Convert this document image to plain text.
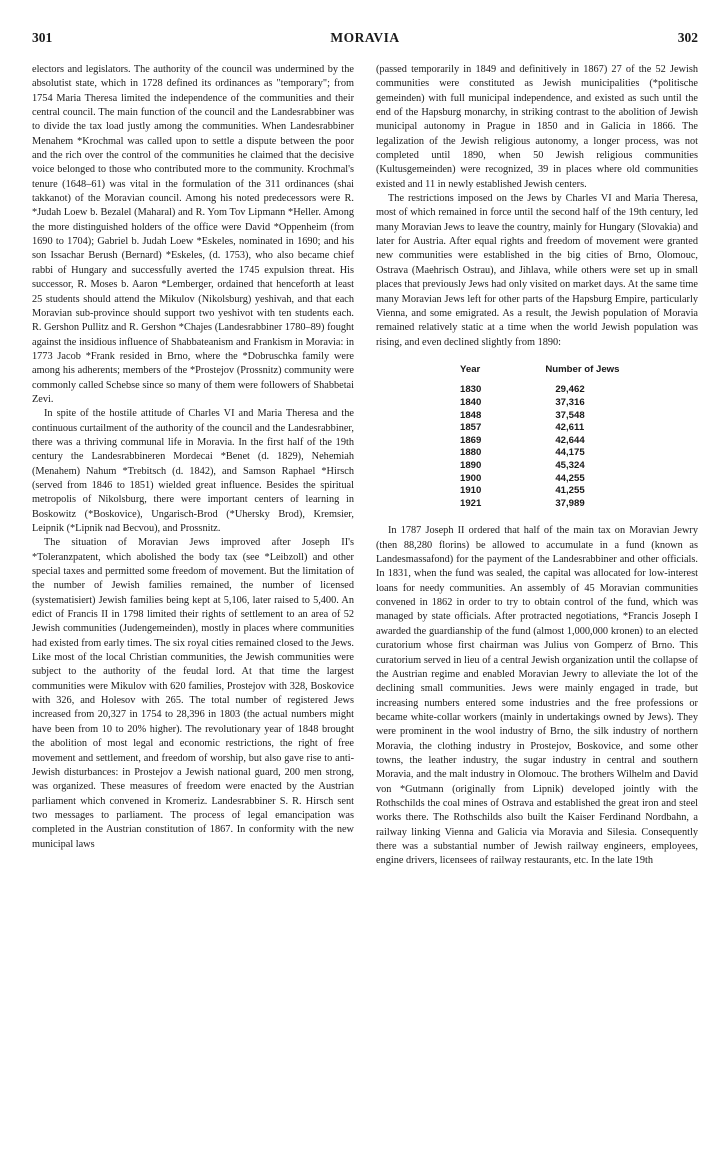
301	MORAVIA	302

electors and legislators. The authority of the council was undermined by the absolutist state, which in 1728 defined its ordinances as "temporary"; from 1754 Maria Theresa limited the independence of the communities and their central council. The main function of the council and the Landesrabbiner was to divide the tax load justly among the communities. When Landesrabbiner Menahem *Krochmal was called upon to settle a dispute between the poor and the rich over the control of the communities he claimed that the decisive voice belonged to those who contributed more to the community. Krochmal's tenure (1648–61) was vital in the formulation of the 311 ordinances (shai takkanot) of the Moravian council. Among his noted predecessors were R. *Judah Loew b. Bezalel (Maharal) and R. Yom Tov Lipmann *Heller. Among the more distinguished holders of the office were David *Oppenheim (from 1690 to 1704); Gabriel b. Judah Loew *Eskeles, nominated in 1690; and his son Issachar Berush (Bernard) *Eskeles, (d. 1753), who also became chief rabbi of Hungary and successfully averted the 1745 expulsion threat. His successor, R. Moses b. Aaron *Lemberger, ordained that henceforth at least 25 students should attend the Mikulov (Nikolsburg) yeshivah, and that each Moravian sub-province should support two yeshivot with ten students each. R. Gershon Pullitz and R. Gershon *Chajes (Landesrabbiner 1780–89) fought against the insidious influence of Shabbateanism and Frankism in Moravia: in 1773 Jacob *Frank resided in Brno, where the *Dobruschka family were among his adherents; members of the *Prostejov (Prossnitz) community were commonly called Schebse since so many of them were followers of Shabbetai Zevi.

In spite of the hostile attitude of Charles VI and Maria Theresa and the continuous curtailment of the authority of the council and the Landesrabbiner, there was a thriving communal life in Moravia. In the first half of the 19th century the Landesrabbineren Mordecai *Benet (d. 1829), Nehemiah (Menahem) Nahum *Trebitsch (d. 1842), and Samson Raphael *Hirsch (served from 1846 to 1851) wielded great influence. Besides the spiritual metropolis of Nikolsburg, there were important centers of learning in Boskowitz (*Boskovice), Ungarisch-Brod (*Uhersky Brod), Kremsier, Leipnik (*Lipnik nad Becvou), and Prossnitz.

The situation of Moravian Jews improved after Joseph II's *Toleranzpatent, which abolished the body tax (see *Leibzoll) and other special taxes and permitted some freedom of movement. But the limitation of the number of Jewish families remained, the number of licensed (systematisiert) Jewish families being kept at 5,106, later raised to 5,400. An edict of Francis II in 1798 limited their rights of settlement to an area of 52 Jewish communities (Judengemeinden), mostly in places where communities had existed from early times. The six royal cities remained closed to the Jews. Like most of the local Christian communities, the Jewish communities were subject to the authority of the feudal lord. At that time the largest communities were Mikulov with 620 families, Prostejov with 328, Boskovice with 326, and Holesov with 265. The total number of registered Jews increased from 20,327 in 1754 to 28,396 in 1803 (the actual numbers might have been from 10 to 20% higher). The revolutionary year of 1848 brought the abolition of most legal and economic restrictions, the right of free movement and settlement, and freedom of worship, but also gave rise to anti-Jewish disturbances: in Prostejov a Jewish national guard, 200 men strong, was organized. These measures of freedom were enacted by the Austrian parliament which convened in Kromeriz. Landesrabbiner S. R. Hirsch sent two messages to parliament. The process of legal emancipation was completed in the Austrian constitution of 1867. In conformity with the new municipal laws

(passed temporarily in 1849 and definitively in 1867) 27 of the 52 Jewish communities were constituted as Jewish municipalities (*politische gemeinden) with full municipal independence, and existed as such until the end of the Hapsburg monarchy, in striking contrast to the abolition of Jewish municipal autonomy in Prague in 1850 and in Galicia in 1866. The legalization of the Jewish religious autonomy, a longer process, was not completed until 1890, when 50 Jewish religious communities (Kultusgemeinden) were recognized, 39 in places where old communities existed and 11 in newly established Jewish centers.

The restrictions imposed on the Jews by Charles VI and Maria Theresa, most of which remained in force until the second half of the 19th century, led many Moravian Jews to leave the country, mainly for Hungary (Slovakia) and later for Austria. After equal rights and freedom of movement were granted new communities were established in the big cities of Brno, Olomouc, Ostrava (Maehrisch Ostrau), and Jihlava, while others were set up in small places that previously Jews had only visited on market days. At the same time many Moravian Jews left for other parts of the Hapsburg Empire, particularly Vienna, and some emigrated. As a result, the Jewish population of Moravia remained relatively static at a time when the world Jewish population was rising, and even declined slightly from 1890:

Year	Number of Jews
1830	29,462
1840	37,316
1848	37,548
1857	42,611
1869	42,644
1880	44,175
1890	45,324
1900	44,255
1910	41,255
1921	37,989

In 1787 Joseph II ordered that half of the main tax on Moravian Jewry (then 88,280 florins) be allowed to accumulate in a fund (known as Landesmassafond) for the payment of the Landesrabbiner and other officials. In 1831, when the fund was sealed, the capital was allocated for low-interest loans for needy communities. An assembly of 45 Moravian communities convened in 1862 in order to try to obtain control of the fund, which was managed by state officials. After protracted negotiations, *Francis Joseph I awarded the guardianship of the fund (almost 1,000,000 kronen) to an elected curatorium whose first chairman was Julius von Gomperz of Brno. This curatorium served in lieu of a central Jewish organization until the collapse of the Austrian regime and enabled Moravian Jewry to alleviate the lot of the declining small communities. Jews were mainly engaged in trade, but increasing numbers entered some industries and the free professions or became white-collar workers (mainly in undertakings owned by Jews). They were prominent in the wool industry of Brno, the silk industry of northern Moravia, the clothing industry in Prostejov, Boskovice, and some other towns, the leather industry, the sugar industry in central and southern Moravia, and the malt industry in Olomouc. The brothers Wilhelm and David von *Gutmann (originally from Lipnik) developed jointly with the Rothschilds the coal mines of Ostrava and established the great iron and steel works there. The Rothschilds also built the Kaiser Ferdinand Nordbahn, a railway linking Vienna and Galicia via Moravia and Silesia. Consequently there was a substantial number of Jewish railway engineers, employees, engine drivers, licensees of railway restaurants, etc. In the late 19th
